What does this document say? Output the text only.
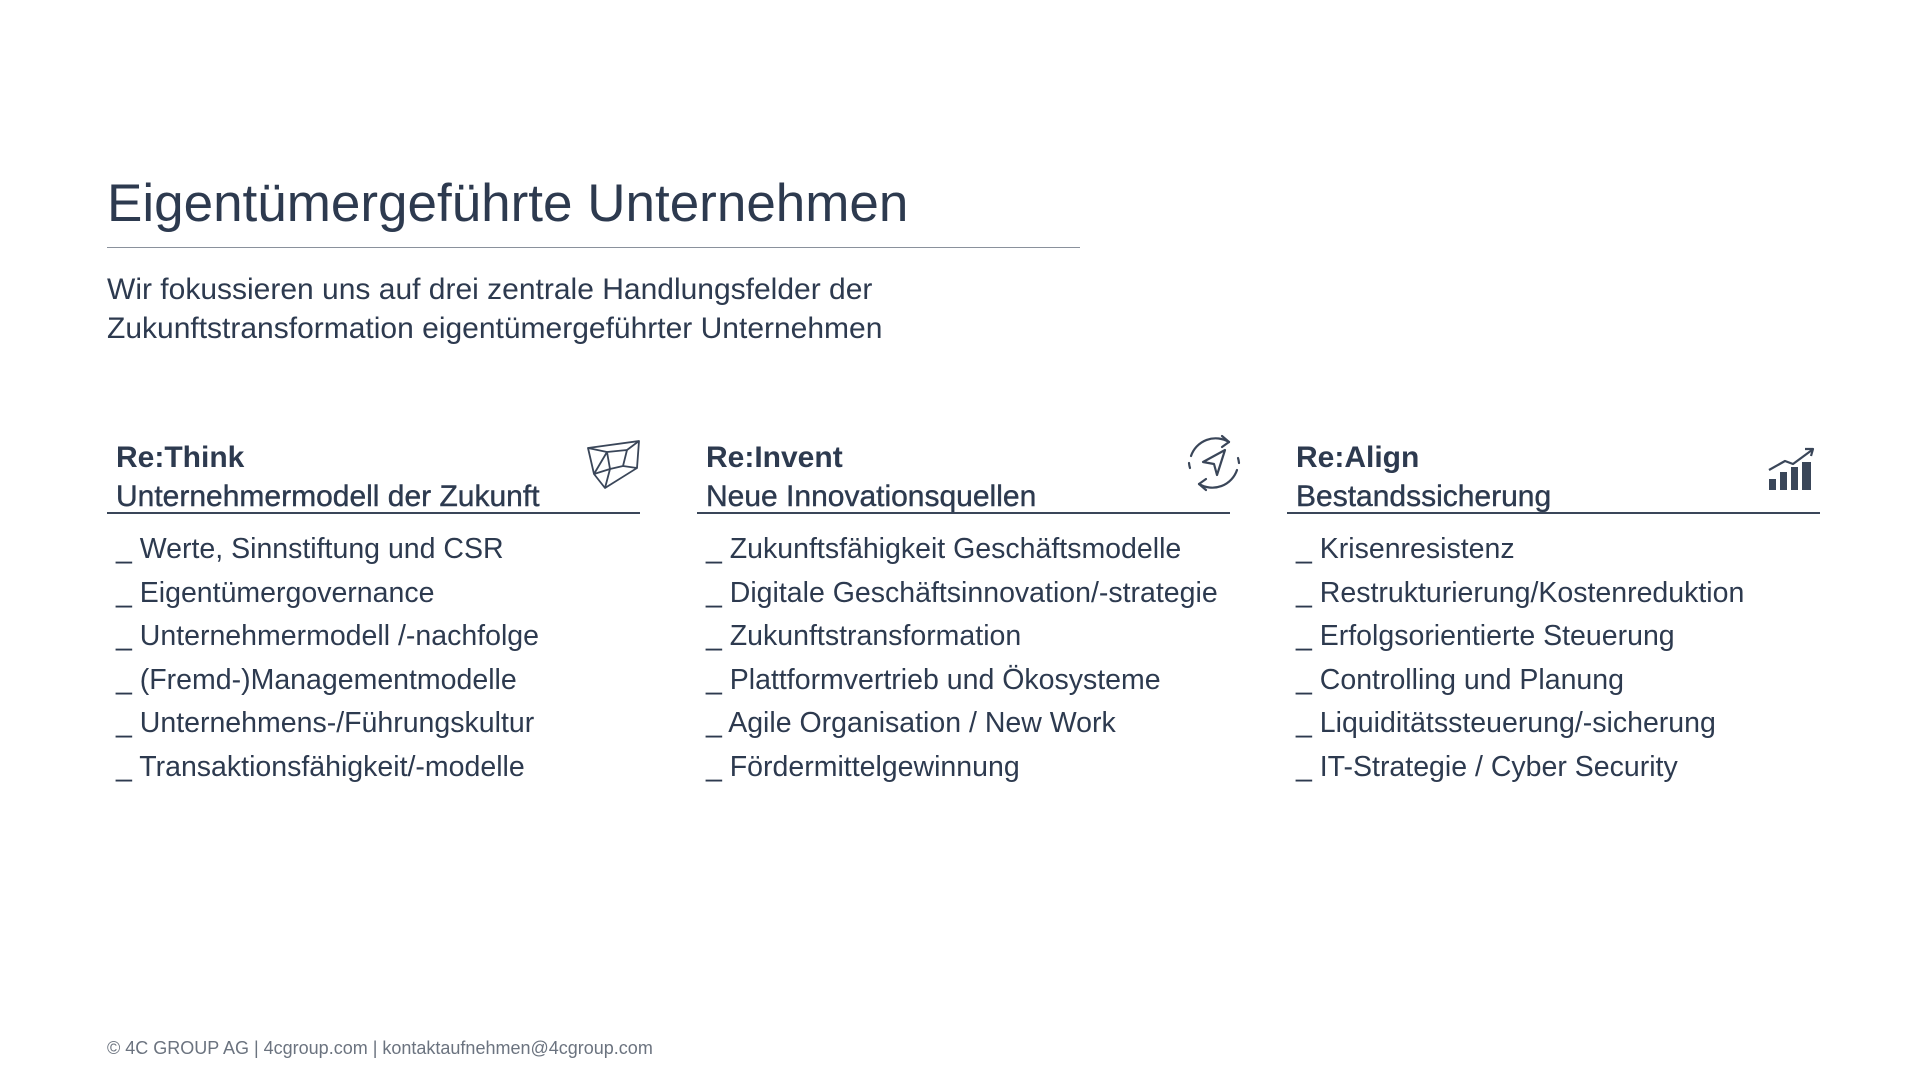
Eigentümergeführte Unternehmen
Wir fokussieren uns auf drei zentrale Handlungsfelder der
Zukunftstransformation eigentümergeführter Unternehmen
Re:Think
Unternehmermodell der Zukunft
_ Werte, Sinnstiftung und CSR
_ Eigentümergovernance
_ Unternehmermodell /-nachfolge
_ (Fremd-)Managementmodelle
_ Unternehmens-/Führungskultur
_ Transaktionsfähigkeit/-modelle
Re:Invent
Neue Innovationsquellen
_ Zukunftsfähigkeit Geschäftsmodelle
_ Digitale Geschäftsinnovation/-strategie
_ Zukunftstransformation
_ Plattformvertrieb und Ökosysteme
_ Agile Organisation / New Work
_ Fördermittelgewinnung
Re:Align
Bestandssicherung
_ Krisenresistenz
_ Restrukturierung/Kostenreduktion
_ Erfolgsorientierte Steuerung
_ Controlling und Planung
_ Liquiditätssteuerung/-sicherung
_ IT-Strategie / Cyber Security
© 4C GROUP AG | 4cgroup.com | kontaktaufnehmen@4cgroup.com
